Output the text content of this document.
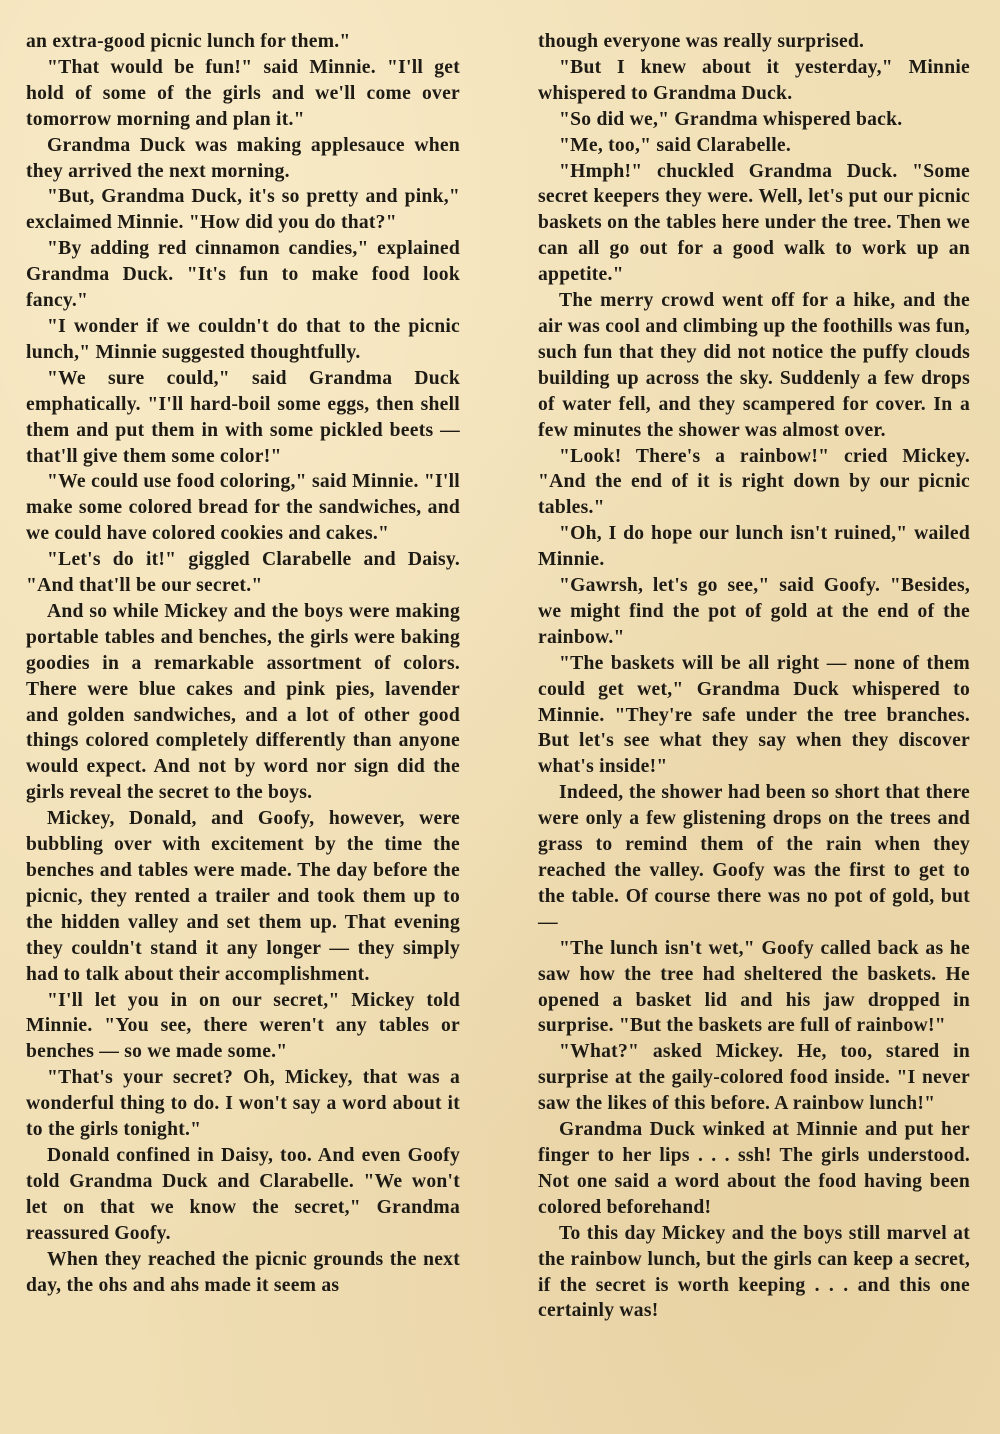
an extra-good picnic lunch for them."

"That would be fun!" said Minnie. "I'll get hold of some of the girls and we'll come over tomorrow morning and plan it."

Grandma Duck was making applesauce when they arrived the next morning.

"But, Grandma Duck, it's so pretty and pink," exclaimed Minnie. "How did you do that?"

"By adding red cinnamon candies," explained Grandma Duck. "It's fun to make food look fancy."

"I wonder if we couldn't do that to the picnic lunch," Minnie suggested thoughtfully.

"We sure could," said Grandma Duck emphatically. "I'll hard-boil some eggs, then shell them and put them in with some pickled beets — that'll give them some color!"

"We could use food coloring," said Minnie. "I'll make some colored bread for the sandwiches, and we could have colored cookies and cakes."

"Let's do it!" giggled Clarabelle and Daisy. "And that'll be our secret."

And so while Mickey and the boys were making portable tables and benches, the girls were baking goodies in a remarkable assortment of colors. There were blue cakes and pink pies, lavender and golden sandwiches, and a lot of other good things colored completely differently than anyone would expect. And not by word nor sign did the girls reveal the secret to the boys.

Mickey, Donald, and Goofy, however, were bubbling over with excitement by the time the benches and tables were made. The day before the picnic, they rented a trailer and took them up to the hidden valley and set them up. That evening they couldn't stand it any longer — they simply had to talk about their accomplishment.

"I'll let you in on our secret," Mickey told Minnie. "You see, there weren't any tables or benches — so we made some."

"That's your secret? Oh, Mickey, that was a wonderful thing to do. I won't say a word about it to the girls tonight."

Donald confined in Daisy, too. And even Goofy told Grandma Duck and Clarabelle. "We won't let on that we know the secret," Grandma reassured Goofy.

When they reached the picnic grounds the next day, the ohs and ahs made it seem as

though everyone was really surprised.

"But I knew about it yesterday," Minnie whispered to Grandma Duck.

"So did we," Grandma whispered back.

"Me, too," said Clarabelle.

"Hmph!" chuckled Grandma Duck. "Some secret keepers they were. Well, let's put our picnic baskets on the tables here under the tree. Then we can all go out for a good walk to work up an appetite."

The merry crowd went off for a hike, and the air was cool and climbing up the foothills was fun, such fun that they did not notice the puffy clouds building up across the sky. Suddenly a few drops of water fell, and they scampered for cover. In a few minutes the shower was almost over.

"Look! There's a rainbow!" cried Mickey. "And the end of it is right down by our picnic tables."

"Oh, I do hope our lunch isn't ruined," wailed Minnie.

"Gawrsh, let's go see," said Goofy. "Besides, we might find the pot of gold at the end of the rainbow."

"The baskets will be all right — none of them could get wet," Grandma Duck whispered to Minnie. "They're safe under the tree branches. But let's see what they say when they discover what's inside!"

Indeed, the shower had been so short that there were only a few glistening drops on the trees and grass to remind them of the rain when they reached the valley. Goofy was the first to get to the table. Of course there was no pot of gold, but —

"The lunch isn't wet," Goofy called back as he saw how the tree had sheltered the baskets. He opened a basket lid and his jaw dropped in surprise. "But the baskets are full of rainbow!"

"What?" asked Mickey. He, too, stared in surprise at the gaily-colored food inside. "I never saw the likes of this before. A rainbow lunch!"

Grandma Duck winked at Minnie and put her finger to her lips . . . ssh! The girls understood. Not one said a word about the food having been colored beforehand!

To this day Mickey and the boys still marvel at the rainbow lunch, but the girls can keep a secret, if the secret is worth keeping . . . and this one certainly was!
